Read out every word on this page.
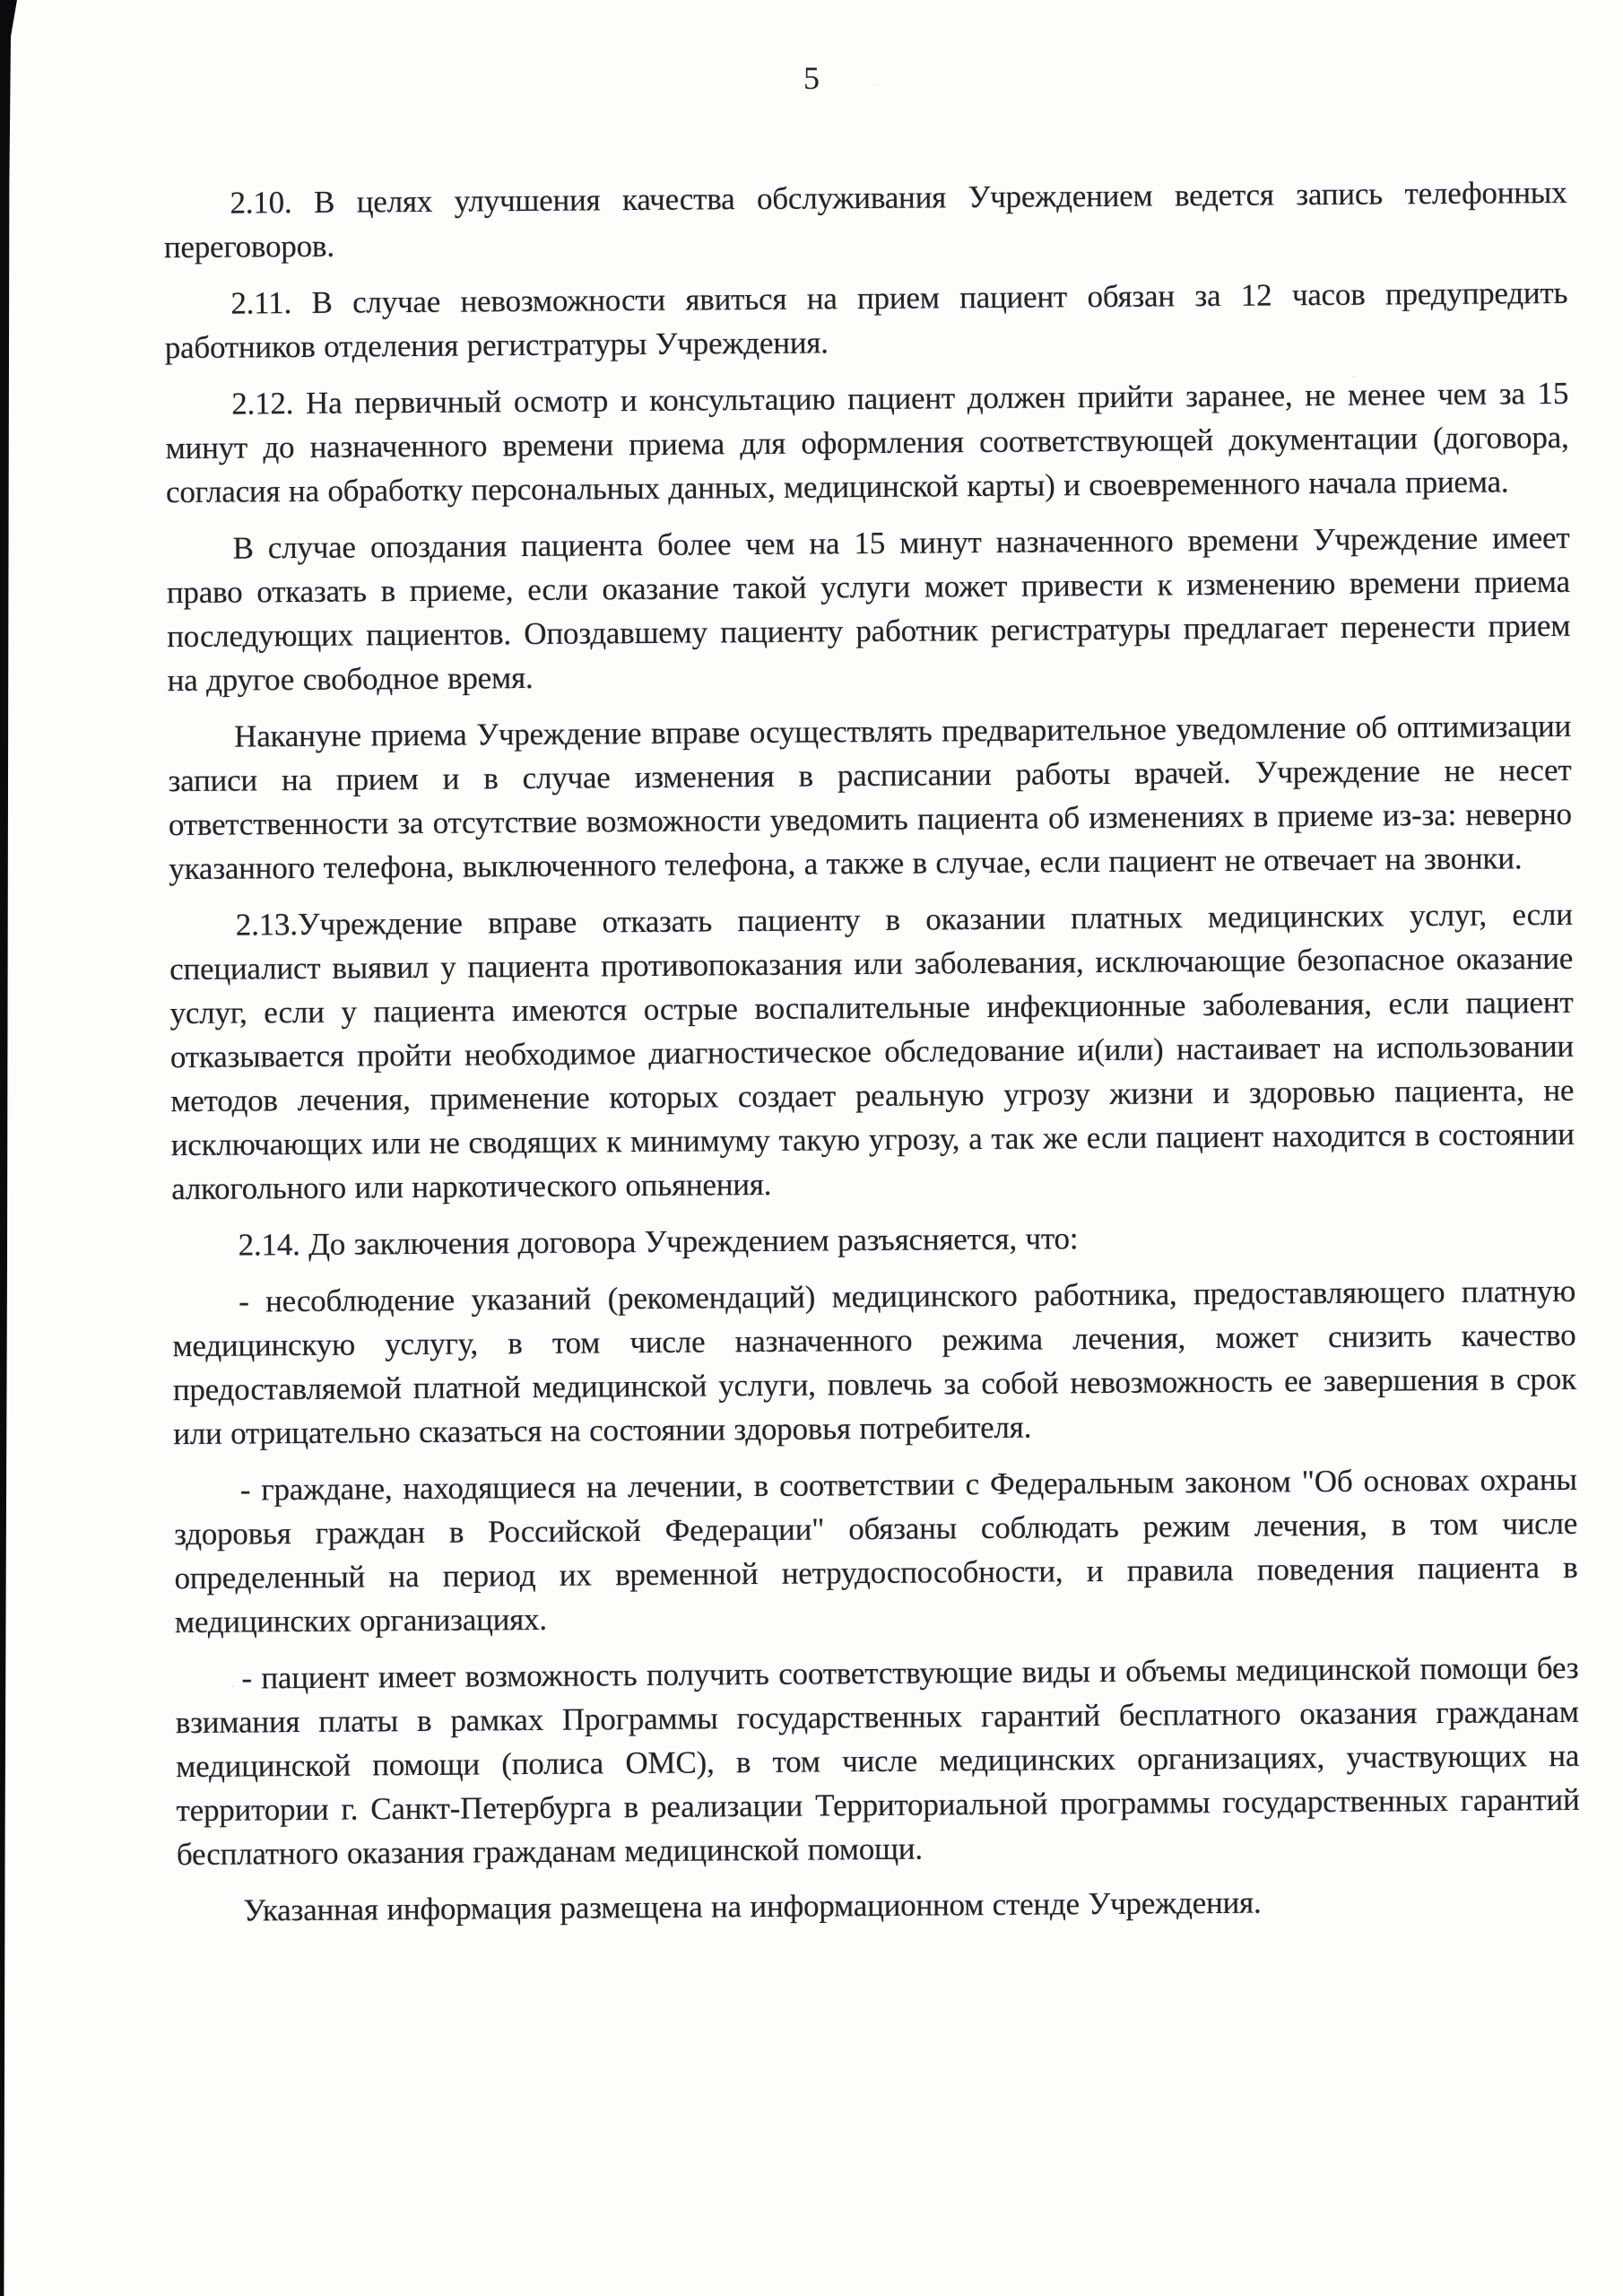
5

2.10. В целях улучшения качества обслуживания Учреждением ведется запись телефонных переговоров.

2.11. В случае невозможности явиться на прием пациент обязан за 12 часов предупредить работников отделения регистратуры Учреждения.

2.12. На первичный осмотр и консультацию пациент должен прийти заранее, не менее чем за 15 минут до назначенного времени приема для оформления соответствующей документации (договора, согласия на обработку персональных данных, медицинской карты) и своевременного начала приема.

В случае опоздания пациента более чем на 15 минут назначенного времени Учреждение имеет право отказать в приеме, если оказание такой услуги может привести к изменению времени приема последующих пациентов. Опоздавшему пациенту работник регистратуры предлагает перенести прием на другое свободное время.

Накануне приема Учреждение вправе осуществлять предварительное уведомление об оптимизации записи на прием и в случае изменения в расписании работы врачей. Учреждение не несет ответственности за отсутствие возможности уведомить пациента об изменениях в приеме из-за: неверно указанного телефона, выключенного телефона, а также в случае, если пациент не отвечает на звонки.

2.13.Учреждение вправе отказать пациенту в оказании платных медицинских услуг, если специалист выявил у пациента противопоказания или заболевания, исключающие безопасное оказание услуг, если у пациента имеются острые воспалительные инфекционные заболевания, если пациент отказывается пройти необходимое диагностическое обследование и(или) настаивает на использовании методов лечения, применение которых создает реальную угрозу жизни и здоровью пациента, не исключающих или не сводящих к минимуму такую угрозу, а так же если пациент находится в состоянии алкогольного или наркотического опьянения.

2.14. До заключения договора Учреждением разъясняется, что:

- несоблюдение указаний (рекомендаций) медицинского работника, предоставляющего платную медицинскую услугу, в том числе назначенного режима лечения, может снизить качество предоставляемой платной медицинской услуги, повлечь за собой невозможность ее завершения в срок или отрицательно сказаться на состоянии здоровья потребителя.

- граждане, находящиеся на лечении, в соответствии с Федеральным законом "Об основах охраны здоровья граждан в Российской Федерации" обязаны соблюдать режим лечения, в том числе определенный на период их временной нетрудоспособности, и правила поведения пациента в медицинских организациях.

- пациент имеет возможность получить соответствующие виды и объемы медицинской помощи без взимания платы в рамках Программы государственных гарантий бесплатного оказания гражданам медицинской помощи (полиса ОМС), в том числе медицинских организациях, участвующих на территории г. Санкт-Петербурга в реализации Территориальной программы государственных гарантий бесплатного оказания гражданам медицинской помощи.

Указанная информация размещена на информационном стенде Учреждения.
